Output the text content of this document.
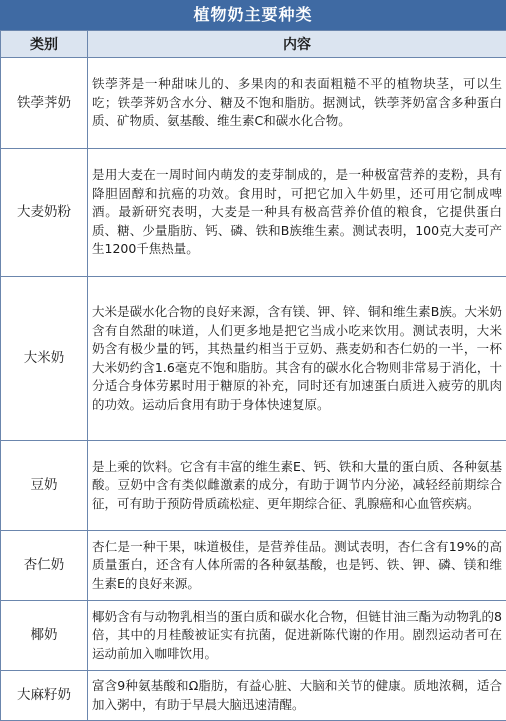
植物奶主要种类
类别	内容
铁荸荠奶	铁荸荠是一种甜味儿的、多果肉的和表面粗糙不平的植物块茎，可以生吃；铁荸荠奶含水分、糖及不饱和脂肪。据测试，铁荸荠奶富含多种蛋白质、矿物质、氨基酸、维生素C和碳水化合物。
大麦奶粉	是用大麦在一周时间内萌发的麦芽制成的，是一种极富营养的麦粉，具有降胆固醇和抗癌的功效。食用时，可把它加入牛奶里，还可用它制成啤酒。最新研究表明，大麦是一种具有极高营养价值的粮食，它提供蛋白质、糖、少量脂肪、钙、磷、铁和B族维生素。测试表明，100克大麦可产生1200千焦热量。
大米奶	大米是碳水化合物的良好来源，含有镁、钾、锌、铜和维生素B族。大米奶含有自然甜的味道，人们更多地是把它当成小吃来饮用。测试表明，大米奶含有极少量的钙，其热量约相当于豆奶、燕麦奶和杏仁奶的一半，一杯大米奶约含1.6毫克不饱和脂肪。其含有的碳水化合物则非常易于消化，十分适合身体劳累时用于糖原的补充，同时还有加速蛋白质进入疲劳的肌肉的功效。运动后食用有助于身体快速复原。
豆奶	是上乘的饮料。它含有丰富的维生素E、钙、铁和大量的蛋白质、各种氨基酸。豆奶中含有类似雌激素的成分，有助于调节内分泌，减轻经前期综合征，可有助于预防骨质疏松症、更年期综合征、乳腺癌和心血管疾病。
杏仁奶	杏仁是一种干果，味道极佳，是营养佳品。测试表明，杏仁含有19%的高质量蛋白，还含有人体所需的各种氨基酸，也是钙、铁、钾、磷、镁和维生素E的良好来源。
椰奶	椰奶含有与动物乳相当的蛋白质和碳水化合物，但链甘油三酯为动物乳的8倍，其中的月桂酸被证实有抗菌，促进新陈代谢的作用。剧烈运动者可在运动前加入咖啡饮用。
大麻籽奶	富含9种氨基酸和Ω脂肪，有益心脏、大脑和关节的健康。质地浓稠，适合加入粥中，有助于早晨大脑迅速清醒。
